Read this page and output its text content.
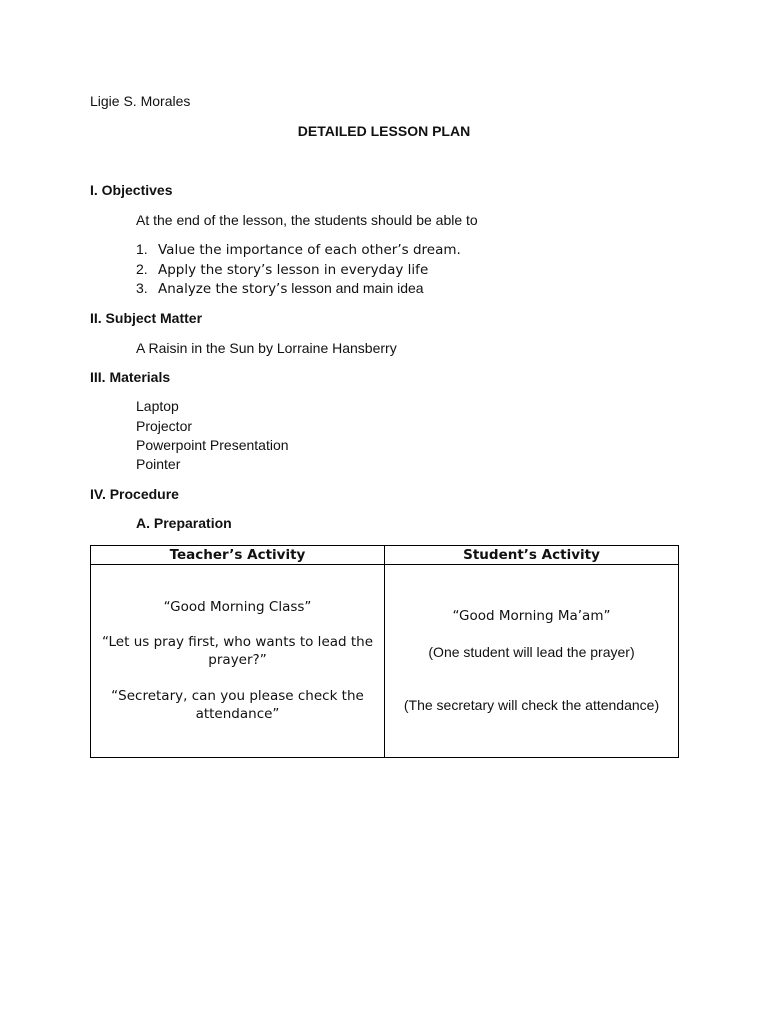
Ligie S. Morales
DETAILED LESSON PLAN
I. Objectives
At the end of the lesson, the students should be able to
1. Value the importance of each other’s dream.
2. Apply the story’s lesson in everyday life
3. Analyze the story’s lesson and main idea
II. Subject Matter
A Raisin in the Sun by Lorraine Hansberry
III. Materials
Laptop
Projector
Powerpoint Presentation
Pointer
IV. Procedure
A. Preparation
Teacher’s Activity	Student’s Activity
“Good Morning Class”
“Let us pray first, who wants to lead the
prayer?”
“Secretary, can you please check the
attendance”
“Good Morning Ma’am”
(One student will lead the prayer)
(The secretary will check the attendance)
